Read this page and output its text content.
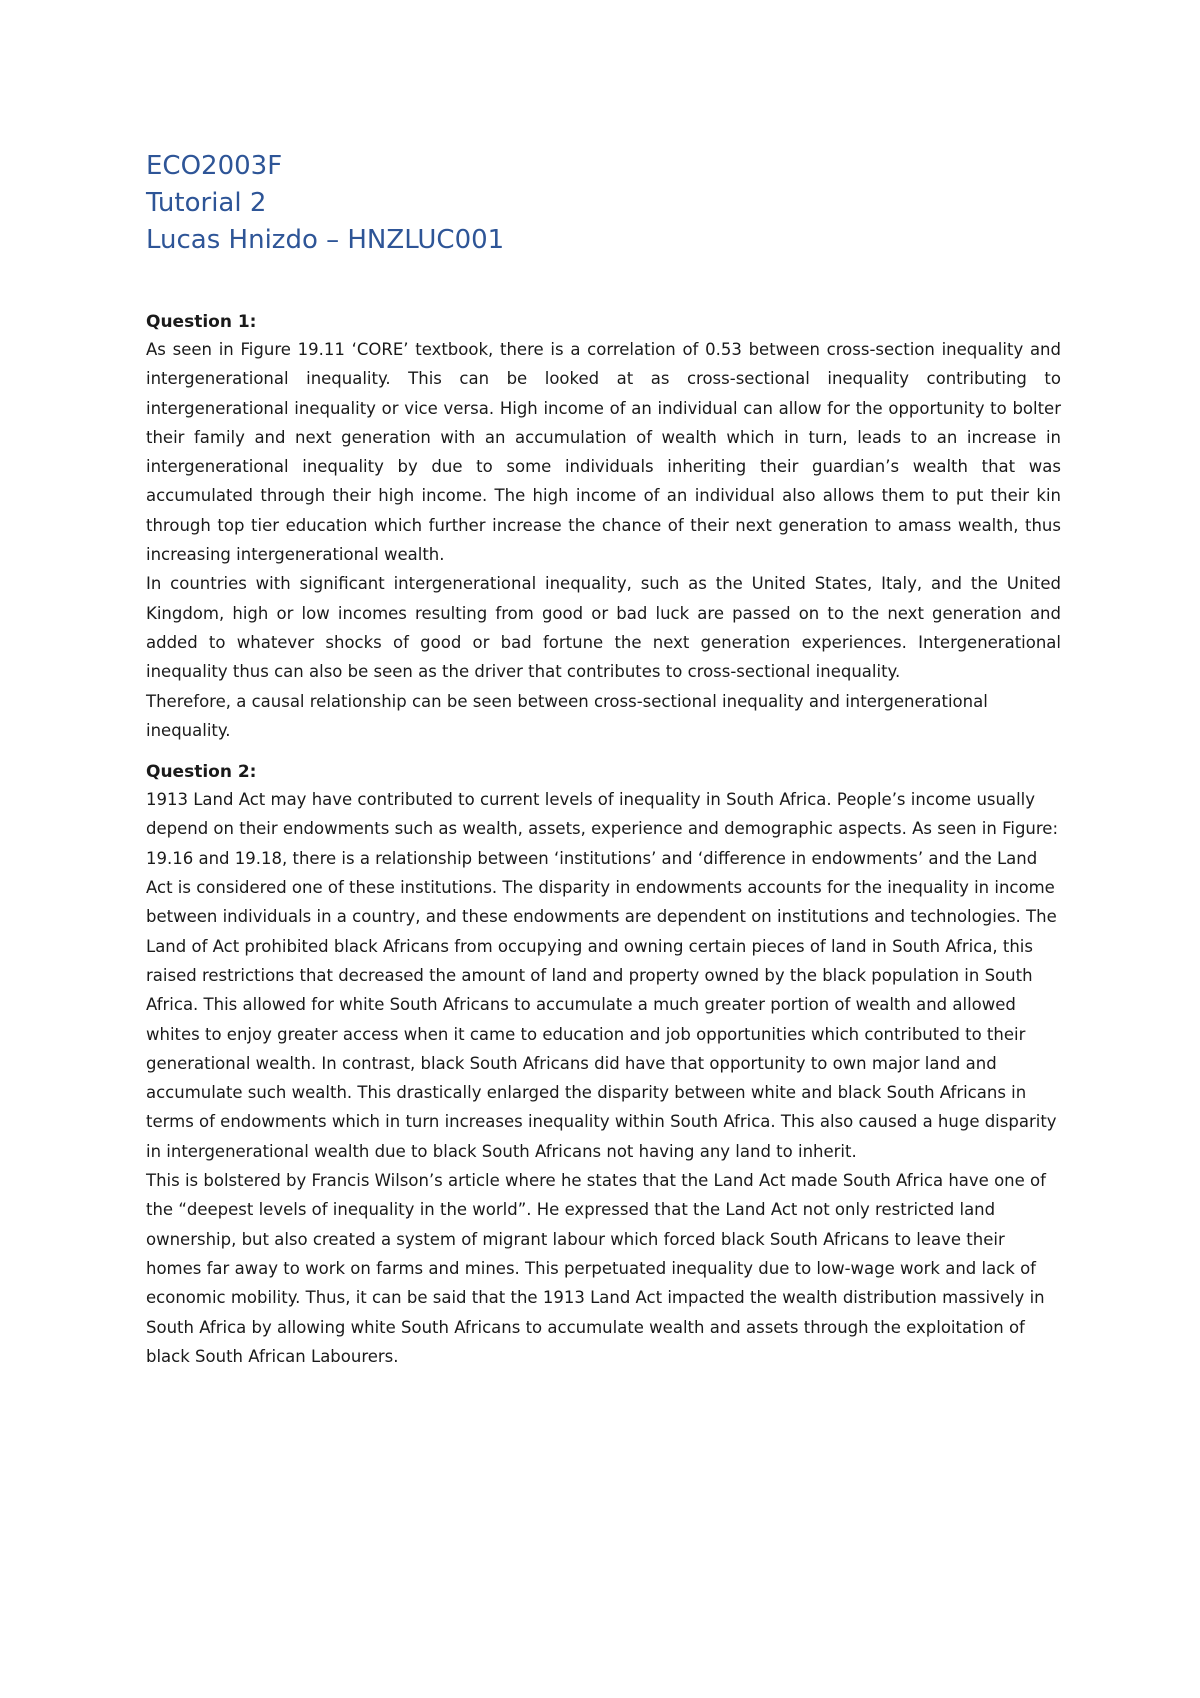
ECO2003F
Tutorial 2
Lucas Hnizdo – HNZLUC001
Question 1:

As seen in Figure 19.11 ‘CORE’ textbook, there is a correlation of 0.53 between cross-section inequality and intergenerational inequality. This can be looked at as cross-sectional inequality contributing to intergenerational inequality or vice versa. High income of an individual can allow for the opportunity to bolter their family and next generation with an accumulation of wealth which in turn, leads to an increase in intergenerational inequality by due to some individuals inheriting their guardian’s wealth that was accumulated through their high income. The high income of an individual also allows them to put their kin through top tier education which further increase the chance of their next generation to amass wealth, thus increasing intergenerational wealth.

In countries with significant intergenerational inequality, such as the United States, Italy, and the United Kingdom, high or low incomes resulting from good or bad luck are passed on to the next generation and added to whatever shocks of good or bad fortune the next generation experiences. Intergenerational inequality thus can also be seen as the driver that contributes to cross-sectional inequality.

Therefore, a causal relationship can be seen between cross-sectional inequality and intergenerational inequality.

Question 2:

1913 Land Act may have contributed to current levels of inequality in South Africa. People’s income usually depend on their endowments such as wealth, assets, experience and demographic aspects. As seen in Figure: 19.16 and 19.18, there is a relationship between ‘institutions’ and ‘difference in endowments’ and the Land Act is considered one of these institutions. The disparity in endowments accounts for the inequality in income between individuals in a country, and these endowments are dependent on institutions and technologies. The Land of Act prohibited black Africans from occupying and owning certain pieces of land in South Africa, this raised restrictions that decreased the amount of land and property owned by the black population in South Africa. This allowed for white South Africans to accumulate a much greater portion of wealth and allowed whites to enjoy greater access when it came to education and job opportunities which contributed to their generational wealth. In contrast, black South Africans did have that opportunity to own major land and accumulate such wealth. This drastically enlarged the disparity between white and black South Africans in terms of endowments which in turn increases inequality within South Africa. This also caused a huge disparity in intergenerational wealth due to black South Africans not having any land to inherit.

This is bolstered by Francis Wilson’s article where he states that the Land Act made South Africa have one of the “deepest levels of inequality in the world”. He expressed that the Land Act not only restricted land ownership, but also created a system of migrant labour which forced black South Africans to leave their homes far away to work on farms and mines. This perpetuated inequality due to low-wage work and lack of economic mobility. Thus, it can be said that the 1913 Land Act impacted the wealth distribution massively in South Africa by allowing white South Africans to accumulate wealth and assets through the exploitation of black South African Labourers.
